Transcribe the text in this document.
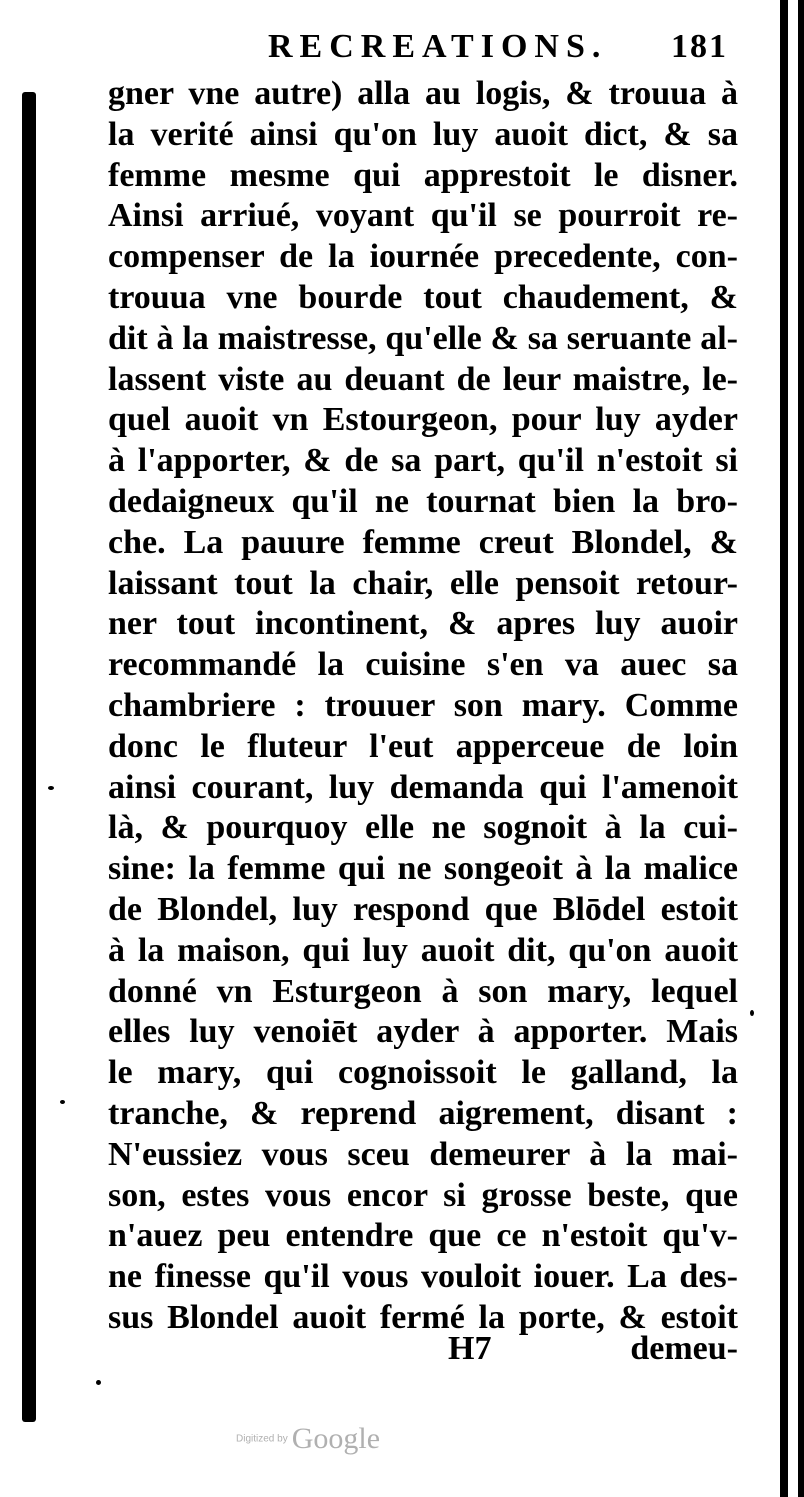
RECREATIONS. 181
gner vne autre) alla au logis, & trouua à
la verité ainsi qu'on luy auoit dict, & sa
femme mesme qui apprestoit le disner.
Ainsi arriué, voyant qu'il se pourroit re-
compenser de la iournée precedente, con-
trouua vne bourde tout chaudement, &
dit à la maistresse, qu'elle & sa seruante al-
lassent viste au deuant de leur maistre, le-
quel auoit vn Estourgeon, pour luy ayder
à l'apporter, & de sa part, qu'il n'estoit si
dedaigneux qu'il ne tournat bien la bro-
che. La pauure femme creut Blondel, &
laissant tout la chair, elle pensoit retour-
ner tout incontinent, & apres luy auoir
recommandé la cuisine s'en va auec sa
chambriere : trouuer son mary. Comme
donc le fluteur l'eut apperceue de loin
ainsi courant, luy demanda qui l'amenoit
là, & pourquoy elle ne sognoit à la cui-
sine: la femme qui ne songeoit à la malice
de Blondel, luy respond que Blōdel estoit
à la maison, qui luy auoit dit, qu'on auoit
donné vn Esturgeon à son mary, lequel
elles luy venoiēt ayder à apporter. Mais
le mary, qui cognoissoit le galland, la
tranche, & reprend aigrement, disant :
N'eussiez vous sceu demeurer à la mai-
son, estes vous encor si grosse beste, que
n'auez peu entendre que ce n'estoit qu'v-
ne finesse qu'il vous vouloit iouer. La des-
sus Blondel auoit fermé la porte, & estoit
H7	demeu-
Digitized by Google
